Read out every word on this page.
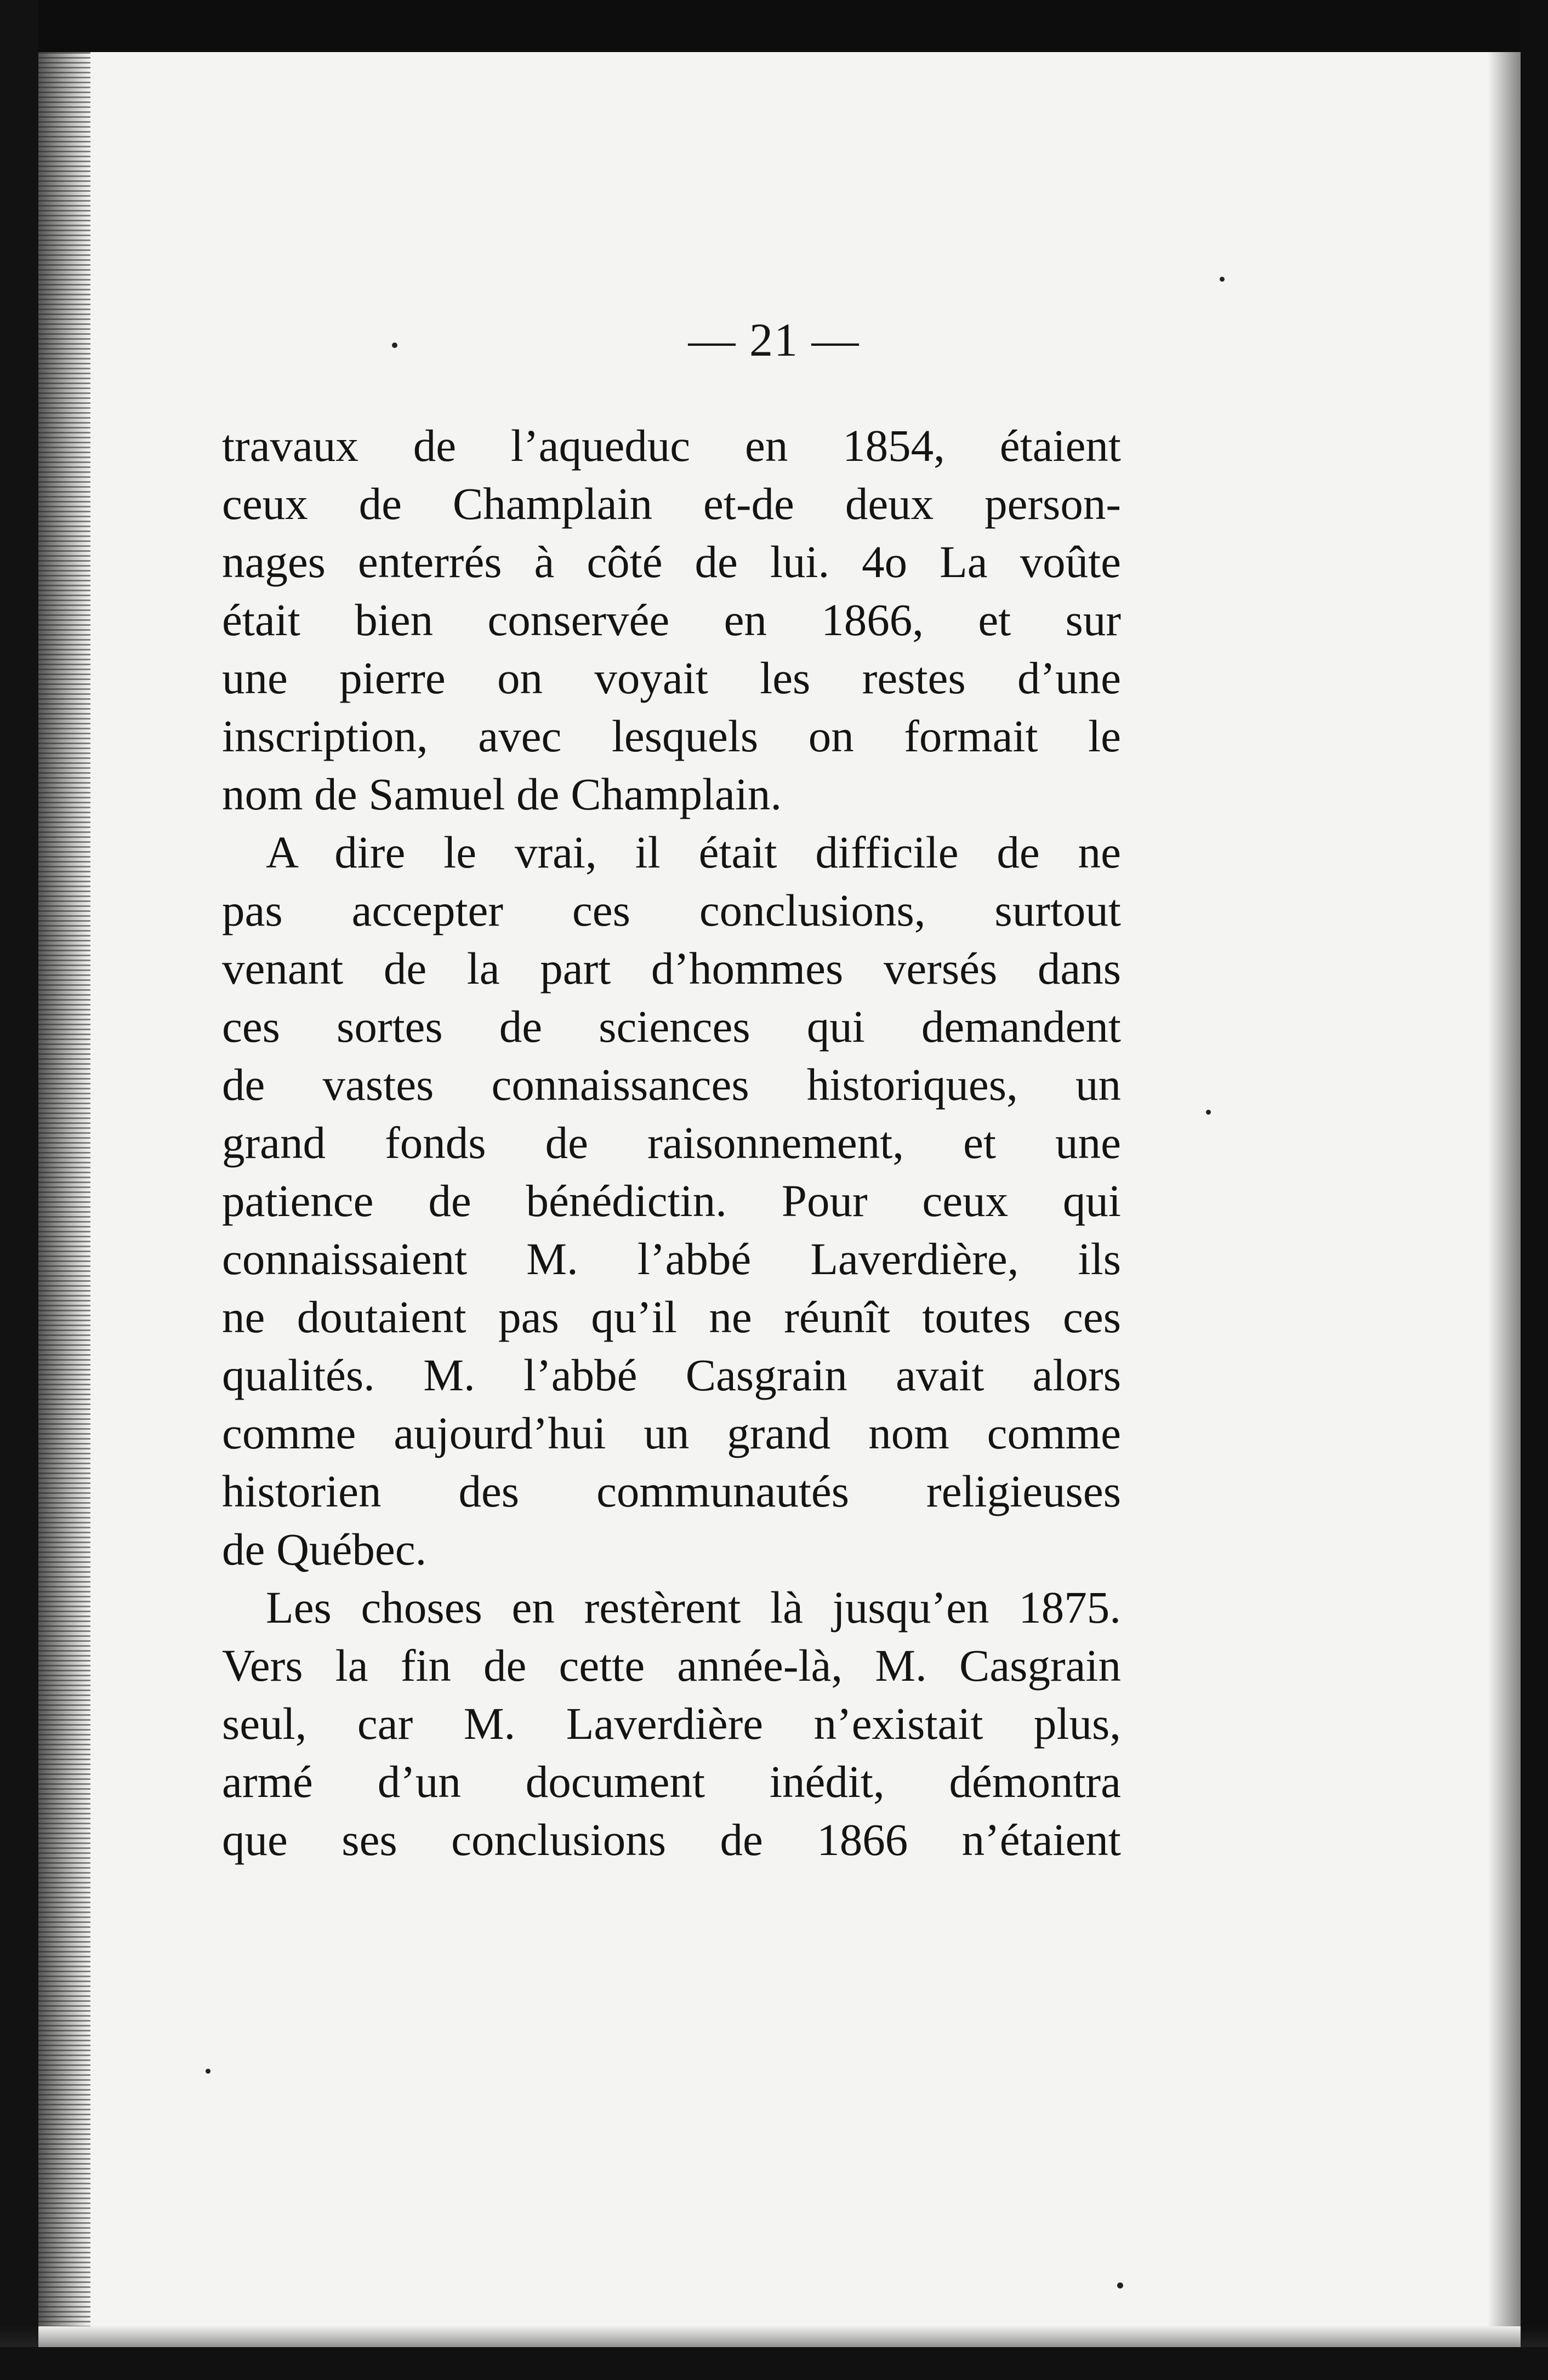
— 21 —
travaux de l’aqueduc en 1854, étaient
ceux de Champlain et-de deux person-
nages enterrés à côté de lui. 4o La voûte
était bien conservée en 1866, et sur
une pierre on voyait les restes d’une
inscription, avec lesquels on formait le
nom de Samuel de Champlain.
A dire le vrai, il était difficile de ne
pas accepter ces conclusions, surtout
venant de la part d’hommes versés dans
ces sortes de sciences qui demandent
de vastes connaissances historiques, un
grand fonds de raisonnement, et une
patience de bénédictin. Pour ceux qui
connaissaient M. l’abbé Laverdière, ils
ne doutaient pas qu’il ne réunît toutes ces
qualités. M. l’abbé Casgrain avait alors
comme aujourd’hui un grand nom comme
historien des communautés religieuses
de Québec.
Les choses en restèrent là jusqu’en 1875.
Vers la fin de cette année-là, M. Casgrain
seul, car M. Laverdière n’existait plus,
armé d’un document inédit, démontra
que ses conclusions de 1866 n’étaient
